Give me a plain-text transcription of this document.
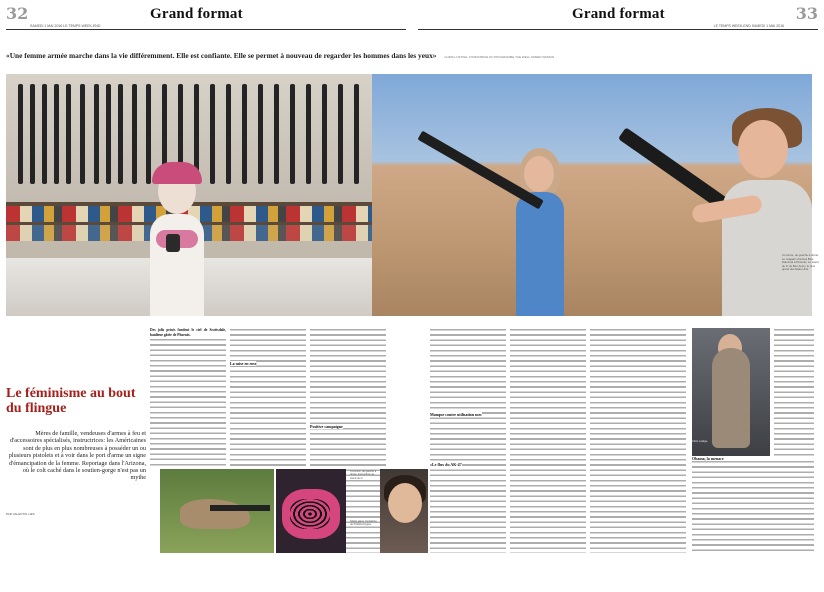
32	33
Grand format	Grand format
SAMEDI 1 MAI 2016 LE TEMPS WEEK-END	LE TEMPS WEEK-END SAMEDI 1 MAI 2016
«Une femme armée marche dans la vie différemment. Elle est confiante. Elle se permet à nouveau de regarder les hommes dans les yeux»	CHRIS LUSTIGE, FONDATRICE DU PROGRAMME THE WELL ARMED WOMAN
Ci-contre, de gauche à droite: Le magasin d'armes Blue Diamond à Phoenix. Le stand de tir de Ben Avery, le plus grand des Etats-Unis.
Le féminisme au bout du flingue
Mères de famille, vendeuses d'armes à feu et d'accessoires spécialisés, instructrices: les Américaines sont de plus en plus nombreuses à posséder un ou plusieurs pistolets et à voir dans le port d'arme un signe d'émancipation de la femme. Reportage dans l'Arizona, où le colt caché dans le soutien-gorge n'est pas un mythe
PAR VALENTIN LIES

Des jolis prisés fondent le ciel de Scottsdale, banlieue gâtée de Phoenix.

La mise en rose
Positive campaigne
Manque contre utilisation mec
Le flux du AK-47
Obama, la menace
Ci-contre, de gauche à droite: Instructrice au stand de tir.
Shelly Hans, fondatrice de PinkRemington.
Chris Lustige.
